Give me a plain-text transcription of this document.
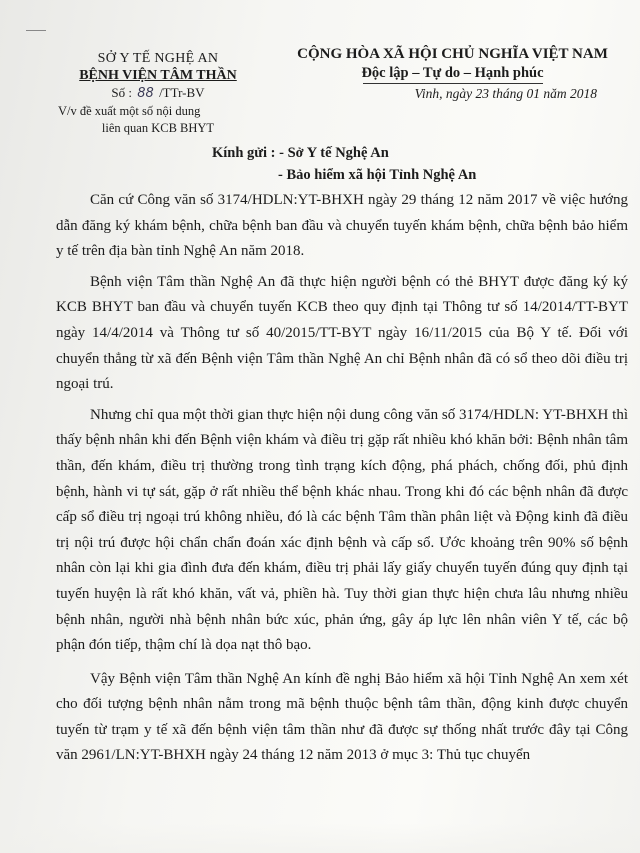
SỞ Y TẾ NGHỆ AN
BỆNH VIỆN TÂM THẦN
Số : 88 /TTr-BV
V/v đề xuất một số nội dung
liên quan KCB BHYT
CỘNG HÒA XÃ HỘI CHỦ NGHĨA VIỆT NAM
Độc lập – Tự do – Hạnh phúc
Vinh, ngày 23 tháng 01 năm 2018
Kính gửi : - Sở Y tế Nghệ An
- Bảo hiểm xã hội Tỉnh Nghệ An

Căn cứ Công văn số 3174/HDLN:YT-BHXH ngày 29 tháng 12 năm 2017 về việc hướng dẫn đăng ký khám bệnh, chữa bệnh ban đầu và chuyển tuyến khám bệnh, chữa bệnh bảo hiểm y tế trên địa bàn tỉnh Nghệ An năm 2018.

Bệnh viện Tâm thần Nghệ An đã thực hiện người bệnh có thẻ BHYT được đăng ký ký KCB BHYT ban đầu và chuyển tuyến KCB theo quy định tại Thông tư số 14/2014/TT-BYT ngày 14/4/2014 và Thông tư số 40/2015/TT-BYT ngày 16/11/2015 của Bộ Y tế. Đối với chuyển thẳng từ xã đến Bệnh viện Tâm thần Nghệ An chỉ Bệnh nhân đã có sổ theo dõi điều trị ngoại trú.

Nhưng chỉ qua một thời gian thực hiện nội dung công văn số 3174/HDLN: YT-BHXH thì thấy bệnh nhân khi đến Bệnh viện khám và điều trị gặp rất nhiều khó khăn bởi: Bệnh nhân tâm thần, đến khám, điều trị thường trong tình trạng kích động, phá phách, chống đối, phủ định bệnh, hành vi tự sát, gặp ở rất nhiều thể bệnh khác nhau. Trong khi đó các bệnh nhân đã được cấp sổ điều trị ngoại trú không nhiều, đó là các bệnh Tâm thần phân liệt và Động kinh đã điều trị nội trú được hội chẩn chẩn đoán xác định bệnh và cấp sổ. Ước khoảng trên 90% số bệnh nhân còn lại khi gia đình đưa đến khám, điều trị phải lấy giấy chuyển tuyến đúng quy định tại tuyến huyện là rất khó khăn, vất vả, phiền hà. Tuy thời gian thực hiện chưa lâu nhưng nhiều bệnh nhân, người nhà bệnh nhân bức xúc, phản ứng, gây áp lực lên nhân viên Y tế, các bộ phận đón tiếp, thậm chí là dọa nạt thô bạo.

Vậy Bệnh viện Tâm thần Nghệ An kính đề nghị Bảo hiểm xã hội Tỉnh Nghệ An xem xét cho đối tượng bệnh nhân nằm trong mã bệnh thuộc bệnh tâm thần, động kinh được chuyển tuyến từ trạm y tế xã đến bệnh viện tâm thần như đã được sự thống nhất trước đây tại Công văn 2961/LN:YT-BHXH ngày 24 tháng 12 năm 2013 ở mục 3: Thủ tục chuyển
